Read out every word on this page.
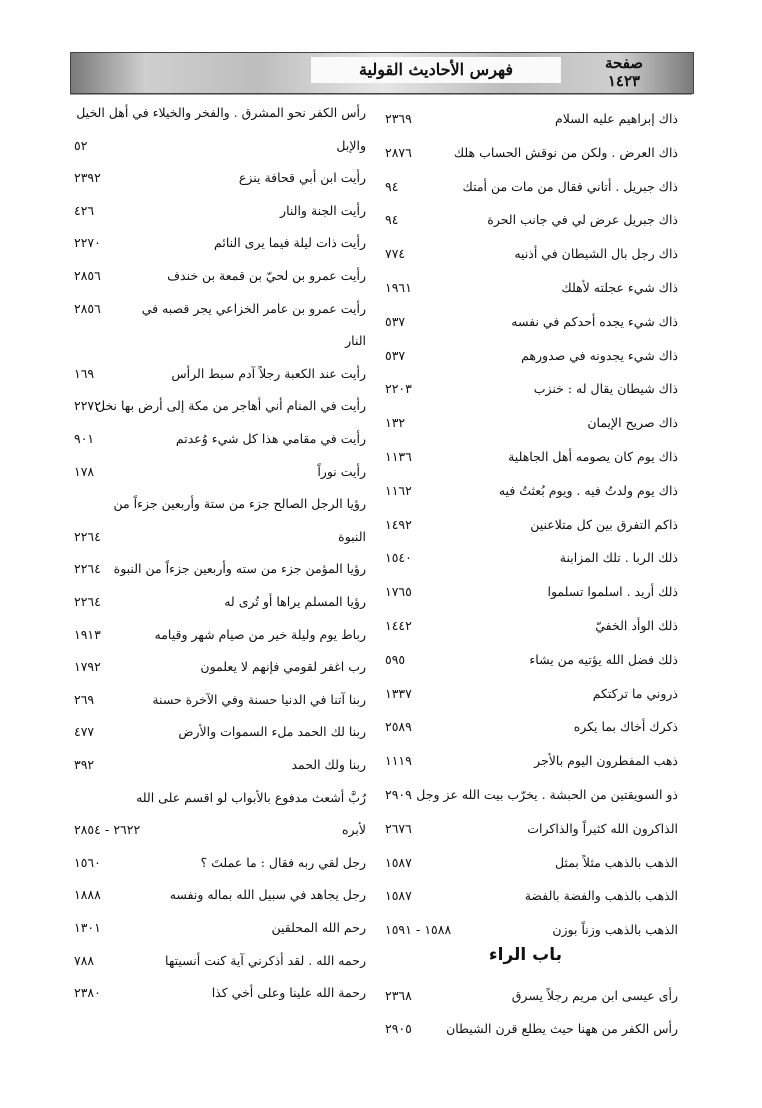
صفحة
١٤٢٣
فهرس الأحاديث القولية
ذاك إبراهيم عليه السلام
٢٣٦٩
ذاك العرض . ولكن من نوقش الحساب هلك
٢٨٧٦
ذاك جبريل . أتاني فقال من مات من أمتك
٩٤
ذاك جبريل عرض لي في جانب الحرة
٩٤
ذاك رجل بال الشيطان في أذنيه
٧٧٤
ذاك شيء عجلته لأهلك
١٩٦١
ذاك شيء يجده أحدكم في نفسه
٥٣٧
ذاك شيء يجدونه في صدورهم
٥٣٧
ذاك شيطان يقال له : خنزب
٢٢٠٣
ذاك صريح الإيمان
١٣٢
ذاك يوم كان يصومه أهل الجاهلية
١١٣٦
ذاك يوم ولدتُ فيه . ويوم بُعثتُ فيه
١١٦٢
ذاكم التفرق بين كل متلاعنين
١٤٩٢
ذلك الربا . تلك المزابنة
١٥٤٠
ذلك أريد . اسلموا تسلموا
١٧٦٥
ذلك الوأد الخفيّ
١٤٤٢
ذلك فضل الله يؤتيه من يشاء
٥٩٥
ذروني ما تركتكم
١٣٣٧
ذكرك أخاك بما يكره
٢٥٨٩
ذهب المفطرون اليوم بالأجر
١١١٩
ذو السويقتين من الحبشة . يخرّب بيت الله عز وجل
٢٩٠٩
الذاكرون الله كثيراً والذاكرات
٢٦٧٦
الذهب بالذهب مثلاً بمثل
١٥٨٧
الذهب بالذهب والفضة بالفضة
١٥٨٧
الذهب بالذهب وزناً بوزن
١٥٨٨ - ١٥٩١
باب الراء
رأى عيسى ابن مريم رجلاً يسرق
٢٣٦٨
رأس الكفر من ههنا حيث يطلع قرن الشيطان
٢٩٠٥
رأس الكفر نحو المشرق . والفخر والخيلاء في أهل الخيل
والإبل
٥٢
رأيت ابن أبي قحافة ينزع
٢٣٩٢
رأيت الجنة والنار
٤٢٦
رأيت ذات ليلة فيما يرى النائم
٢٢٧٠
رأيت عمرو بن لحيّ بن قمعة بن خندف
٢٨٥٦
رأيت عمرو بن عامر الخزاعي يجر قصبه في
٢٨٥٦
النار
رأيت عند الكعبة رجلاً آدم سبط الرأس
١٦٩
رأيت في المنام أني أهاجر من مكة إلى أرض بها نخل
٢٢٧٢
رأيت في مقامي هذا كل شيء وُعدتم
٩٠١
رأيت نوراً
١٧٨
رؤيا الرجل الصالح جزء من ستة وأربعين جزءاً من
النبوة
٢٢٦٤
رؤيا المؤمن جزء من سته وأربعين جزءاً من النبوة
٢٢٦٤
رؤيا المسلم يراها أو تُرى له
٢٢٦٤
رباط يوم وليلة خير من صيام شهر وقيامه
١٩١٣
رب اغفر لقومي فإنهم لا يعلمون
١٧٩٢
ربنا آتنا في الدنيا حسنة وفي الآخرة حسنة
٢٦٩
ربنا لك الحمد ملء السموات والأرض
٤٧٧
ربنا ولك الحمد
٣٩٢
رُبَّ أشعث مدفوع بالأبواب لو اقسم على الله
لأبره
٢٦٢٢ - ٢٨٥٤
رجل لقي ربه فقال : ما عملتَ ؟
١٥٦٠
رجل يجاهد في سبيل الله بماله ونفسه
١٨٨٨
رحم الله المحلقين
١٣٠١
رحمه الله . لقد أذكرني آية كنت أنسيتها
٧٨٨
رحمة الله علينا وعلى أخي كذا
٢٣٨٠
